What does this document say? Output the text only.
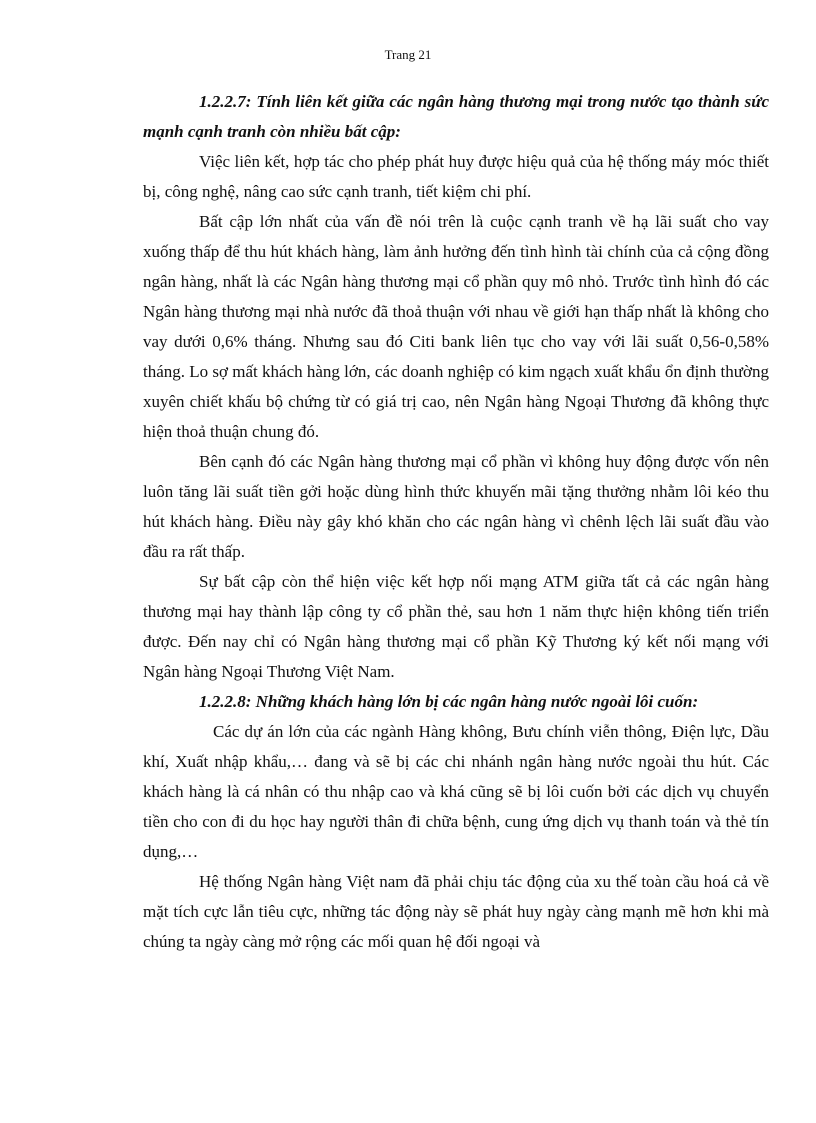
Trang 21

1.2.2.7: Tính liên kết giữa các ngân hàng thương mại trong nước tạo thành sức mạnh cạnh tranh còn nhiều bất cập:

Việc liên kết, hợp tác cho phép phát huy được hiệu quả của hệ thống máy móc thiết bị, công nghệ, nâng cao sức cạnh tranh, tiết kiệm chi phí.

Bất cập lớn nhất của vấn đề nói trên là cuộc cạnh tranh về hạ lãi suất cho vay xuống thấp để thu hút khách hàng, làm ảnh hưởng đến tình hình tài chính của cả cộng đồng ngân hàng, nhất là các Ngân hàng thương mại cổ phần quy mô nhỏ. Trước tình hình đó các Ngân hàng thương mại nhà nước đã thoả thuận với nhau về giới hạn thấp nhất là không cho vay dưới 0,6% tháng. Nhưng sau đó Citi bank liên tục cho vay với lãi suất 0,56-0,58% tháng. Lo sợ mất khách hàng lớn, các doanh nghiệp có kim ngạch xuất khẩu ổn định thường xuyên chiết khấu bộ chứng từ có giá trị cao, nên Ngân hàng Ngoại Thương đã không thực hiện thoả thuận chung đó.

Bên cạnh đó các Ngân hàng thương mại cổ phần vì không huy động được vốn nên luôn tăng lãi suất tiền gởi hoặc dùng hình thức khuyến mãi tặng thưởng nhằm lôi kéo thu hút khách hàng. Điều này gây khó khăn cho các ngân hàng vì chênh lệch lãi suất đầu vào đầu ra rất thấp.

Sự bất cập còn thể hiện việc kết hợp nối mạng ATM giữa tất cả các ngân hàng thương mại hay thành lập công ty cổ phần thẻ, sau hơn 1 năm thực hiện không tiến triển được. Đến nay chỉ có Ngân hàng thương mại cổ phần Kỹ Thương ký kết nối mạng với Ngân hàng Ngoại Thương Việt Nam.

1.2.2.8: Những khách hàng lớn bị các ngân hàng nước ngoài lôi cuốn:

Các dự án lớn của các ngành Hàng không, Bưu chính viễn thông, Điện lực, Dầu khí, Xuất nhập khẩu,… đang và sẽ bị các chi nhánh ngân hàng nước ngoài thu hút. Các khách hàng là cá nhân có thu nhập cao và khá cũng sẽ bị lôi cuốn bởi các dịch vụ chuyển tiền cho con đi du học hay người thân đi chữa bệnh, cung ứng dịch vụ thanh toán và thẻ tín dụng,…

Hệ thống Ngân hàng Việt nam đã phải chịu tác động của xu thế toàn cầu hoá cả về mặt tích cực lẫn tiêu cực, những tác động này sẽ phát huy ngày càng mạnh mẽ hơn khi mà chúng ta ngày càng mở rộng các mối quan hệ đối ngoại và
